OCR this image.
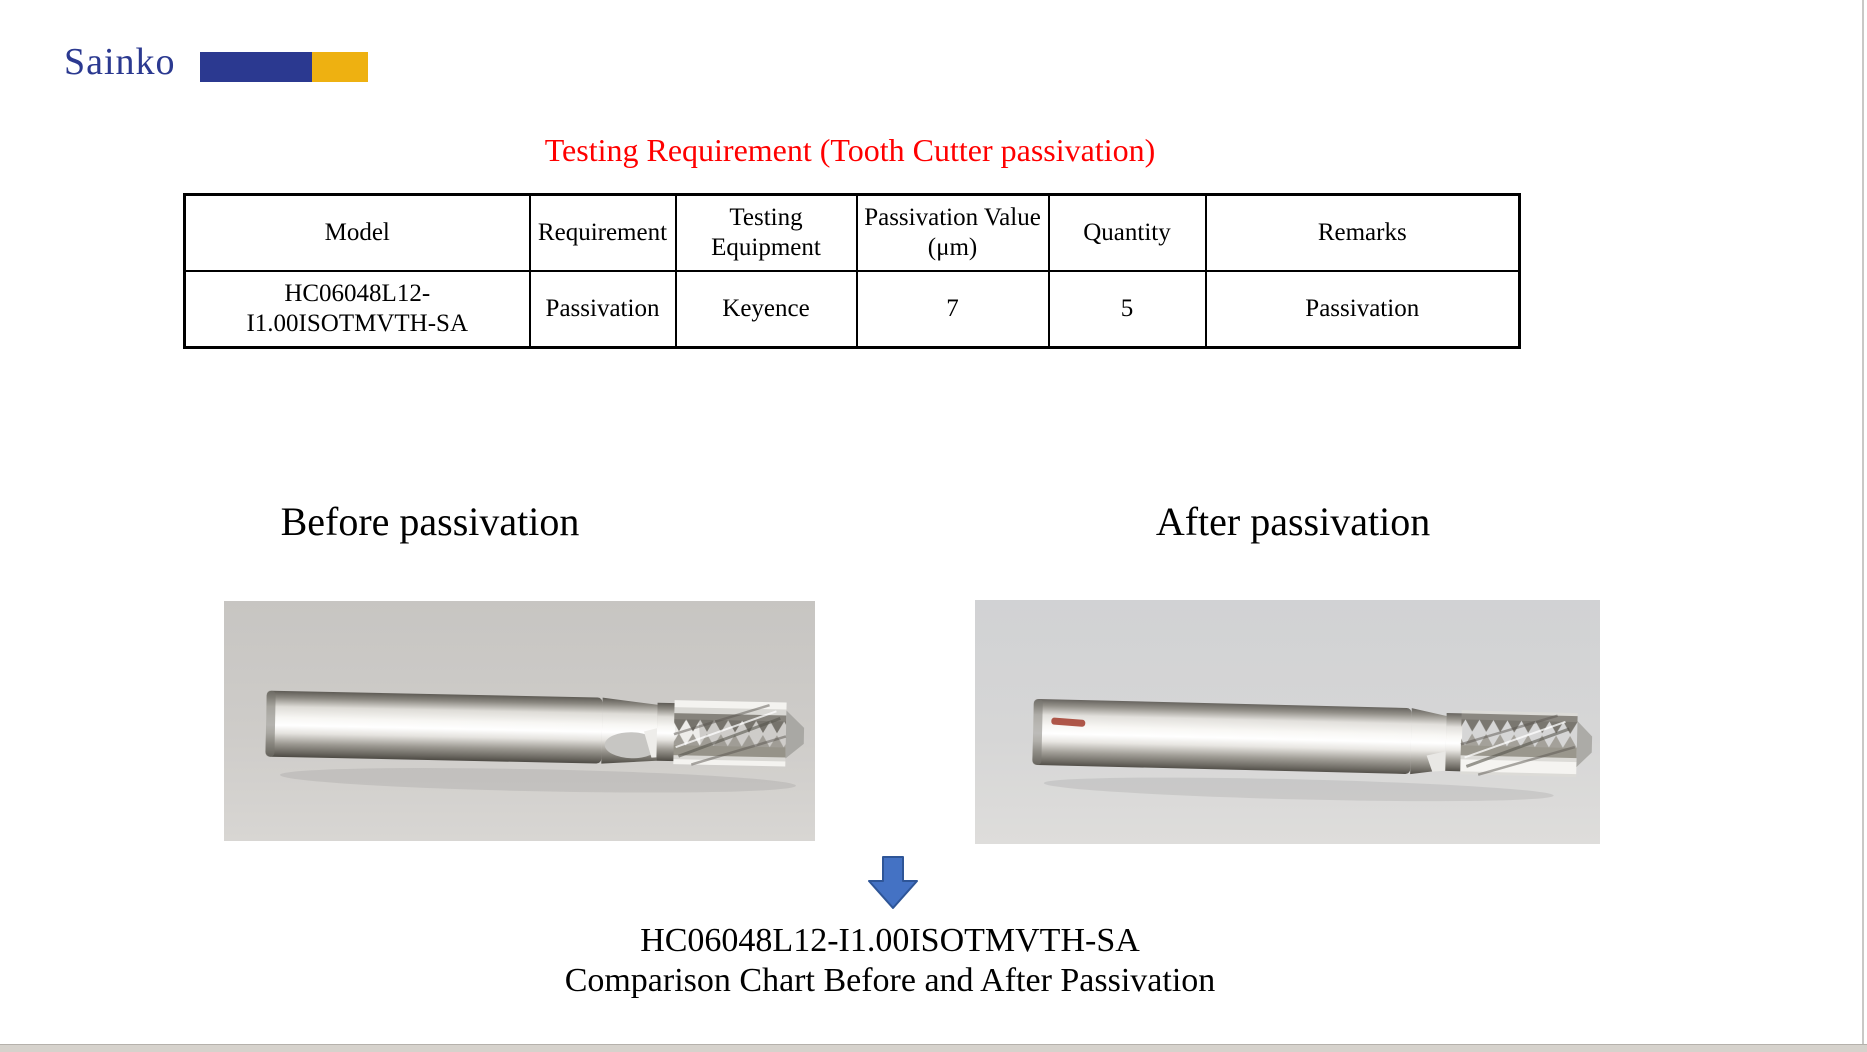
Sainko
Testing Requirement (Tooth Cutter passivation)
Model	Requirement	Testing Equipment	Passivation Value (μm)	Quantity	Remarks
HC06048L12-I1.00ISOTMVTH-SA	Passivation	Keyence	7	5	Passivation
Before passivation	After passivation
HC06048L12-I1.00ISOTMVTH-SA
Comparison Chart Before and After Passivation
